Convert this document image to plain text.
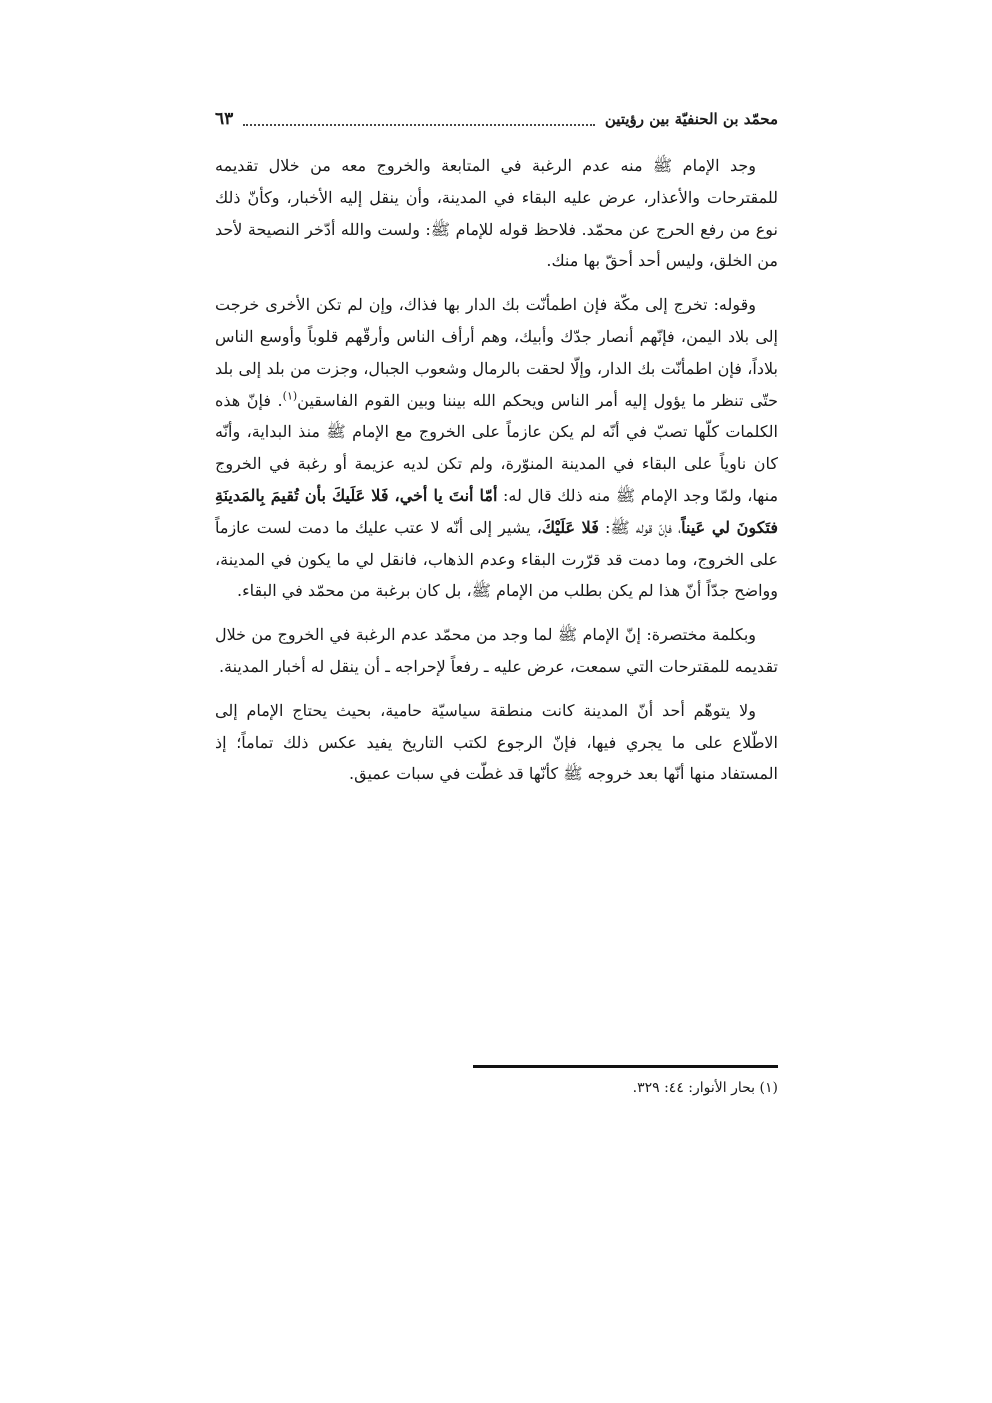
محمّد بن الحنفيّة بين رؤيتين
٦٣

وجد الإمام ﷺ منه عدم الرغبة في المتابعة والخروج معه من خلال تقديمه للمقترحات والأعذار، عرض عليه البقاء في المدينة، وأن ينقل إليه الأخبار، وكأنّ ذلك نوع من رفع الحرج عن محمّد. فلاحظ قوله للإمام ﷺ: ولست والله أدّخر النصيحة لأحد من الخلق، وليس أحد أحقّ بها منك.

وقوله: تخرج إلى مكّة فإن اطمأنّت بك الدار بها فذاك، وإن لم تكن الأخرى خرجت إلى بلاد اليمن، فإنّهم أنصار جدّك وأبيك، وهم أرأف الناس وأرقّهم قلوباً وأوسع الناس بلاداً، فإن اطمأنّت بك الدار، وإلّا لحقت بالرمال وشعوب الجبال، وجزت من بلد إلى بلد حتّى تنظر ما يؤول إليه أمر الناس ويحكم الله بيننا وبين القوم الفاسقين$^{(١)}$. فإنّ هذه الكلمات كلّها تصبّ في أنّه لم يكن عازماً على الخروج مع الإمام ﷺ منذ البداية، وأنّه كان ناوياً على البقاء في المدينة المنوّرة، ولم تكن لديه عزيمة أو رغبة في الخروج منها، ولمّا وجد الإمام ﷺ منه ذلك قال له: أمّا أنتَ يا أخي، فَلا عَلَيكَ بأن تُقيمَ بِالمَدينَةِ فتَكونَ لي عَيناً، فإنّ قوله ﷺ: فَلا عَلَيْكَ، يشير إلى أنّه لا عتب عليك ما دمت لست عازماً على الخروج، وما دمت قد قرّرت البقاء وعدم الذهاب، فانقل لي ما يكون في المدينة، وواضح جدّاً أنّ هذا لم يكن بطلب من الإمام ﷺ، بل كان برغبة من محمّد في البقاء.

وبكلمة مختصرة: إنّ الإمام ﷺ لما وجد من محمّد عدم الرغبة في الخروج من خلال تقديمه للمقترحات التي سمعت، عرض عليه ـ رفعاً لإحراجه ـ أن ينقل له أخبار المدينة.

ولا يتوهّم أحد أنّ المدينة كانت منطقة سياسيّة حامية، بحيث يحتاج الإمام إلى الاطّلاع على ما يجري فيها، فإنّ الرجوع لكتب التاريخ يفيد عكس ذلك تماماً؛ إذ المستفاد منها أنّها بعد خروجه ﷺ كأنّها قد غطّت في سبات عميق.

(١) بحار الأنوار: ٤٤: ٣٢٩.
